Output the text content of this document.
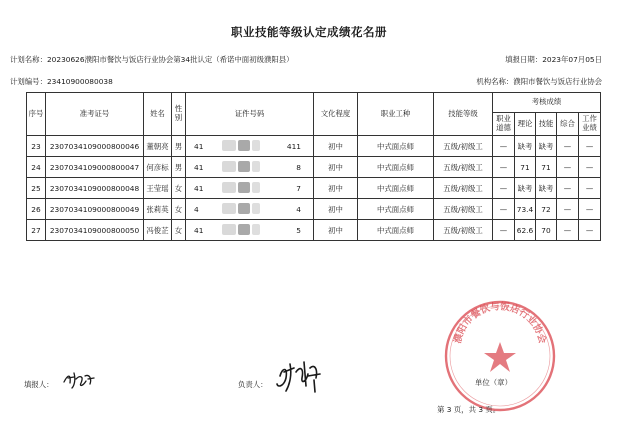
职业技能等级认定成绩花名册
计划名称：20230626濮阳市餐饮与饭店行业协会第34批认定（希诺中面初级濮阳县）	填报日期：2023年07月05日
计划编号：23410900080038	机构名称：濮阳市餐饮与饭店行业协会
序号	准考证号	姓名	性别	证件号码	文化程度	职业工种	技能等级	考核成绩				
								职业道德	理论	技能	综合	工作业绩
23	2307034109000800046	董朝亮	男	41 411	初中	中式面点师	五级/初级工	—	缺考	缺考	—	—
24	2307034109000800047	何彦标	男	41 8	初中	中式面点师	五级/初级工	—	71	71	—	—
25	2307034109000800048	王莹瑶	女	41 7	初中	中式面点师	五级/初级工	—	缺考	缺考	—	—
26	2307034109000800049	张莉英	女	4 4	初中	中式面点师	五级/初级工	—	73.4	72	—	—
27	2307034109000800050	冯俊芷	女	41 5	初中	中式面点师	五级/初级工	—	62.6	70	—	—
填报人：	负责人：
濮阳市餐饮与饭店行业协会
单位（章）
第 3 页，共 3 页。
